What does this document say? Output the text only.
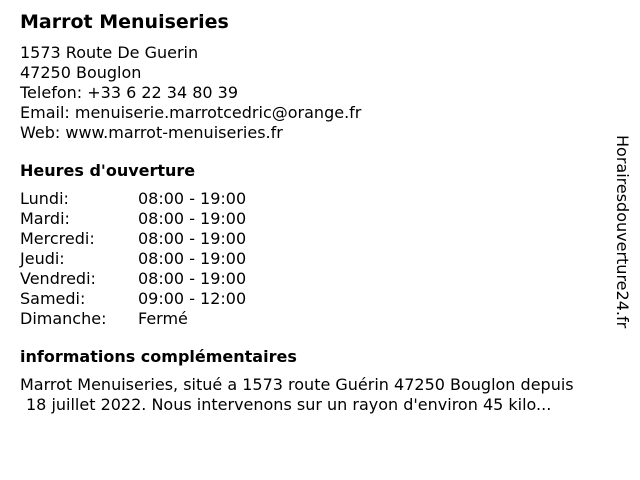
Marrot Menuiseries
1573 Route De Guerin
47250 Bouglon
Telefon: +33 6 22 34 80 39
Email: menuiserie.marrotcedric@orange.fr
Web: www.marrot-menuiseries.fr
Heures d'ouverture
Lundi:	08:00 - 19:00
Mardi:	08:00 - 19:00
Mercredi:	08:00 - 19:00
Jeudi:	08:00 - 19:00
Vendredi:	08:00 - 19:00
Samedi:	09:00 - 12:00
Dimanche:	Fermé
informations complémentaires

Marrot Menuiseries, situé a 1573 route Guérin 47250 Bouglon depuis
18 juillet 2022. Nous intervenons sur un rayon d'environ 45 kilo...

Horairesdouverture24.fr
